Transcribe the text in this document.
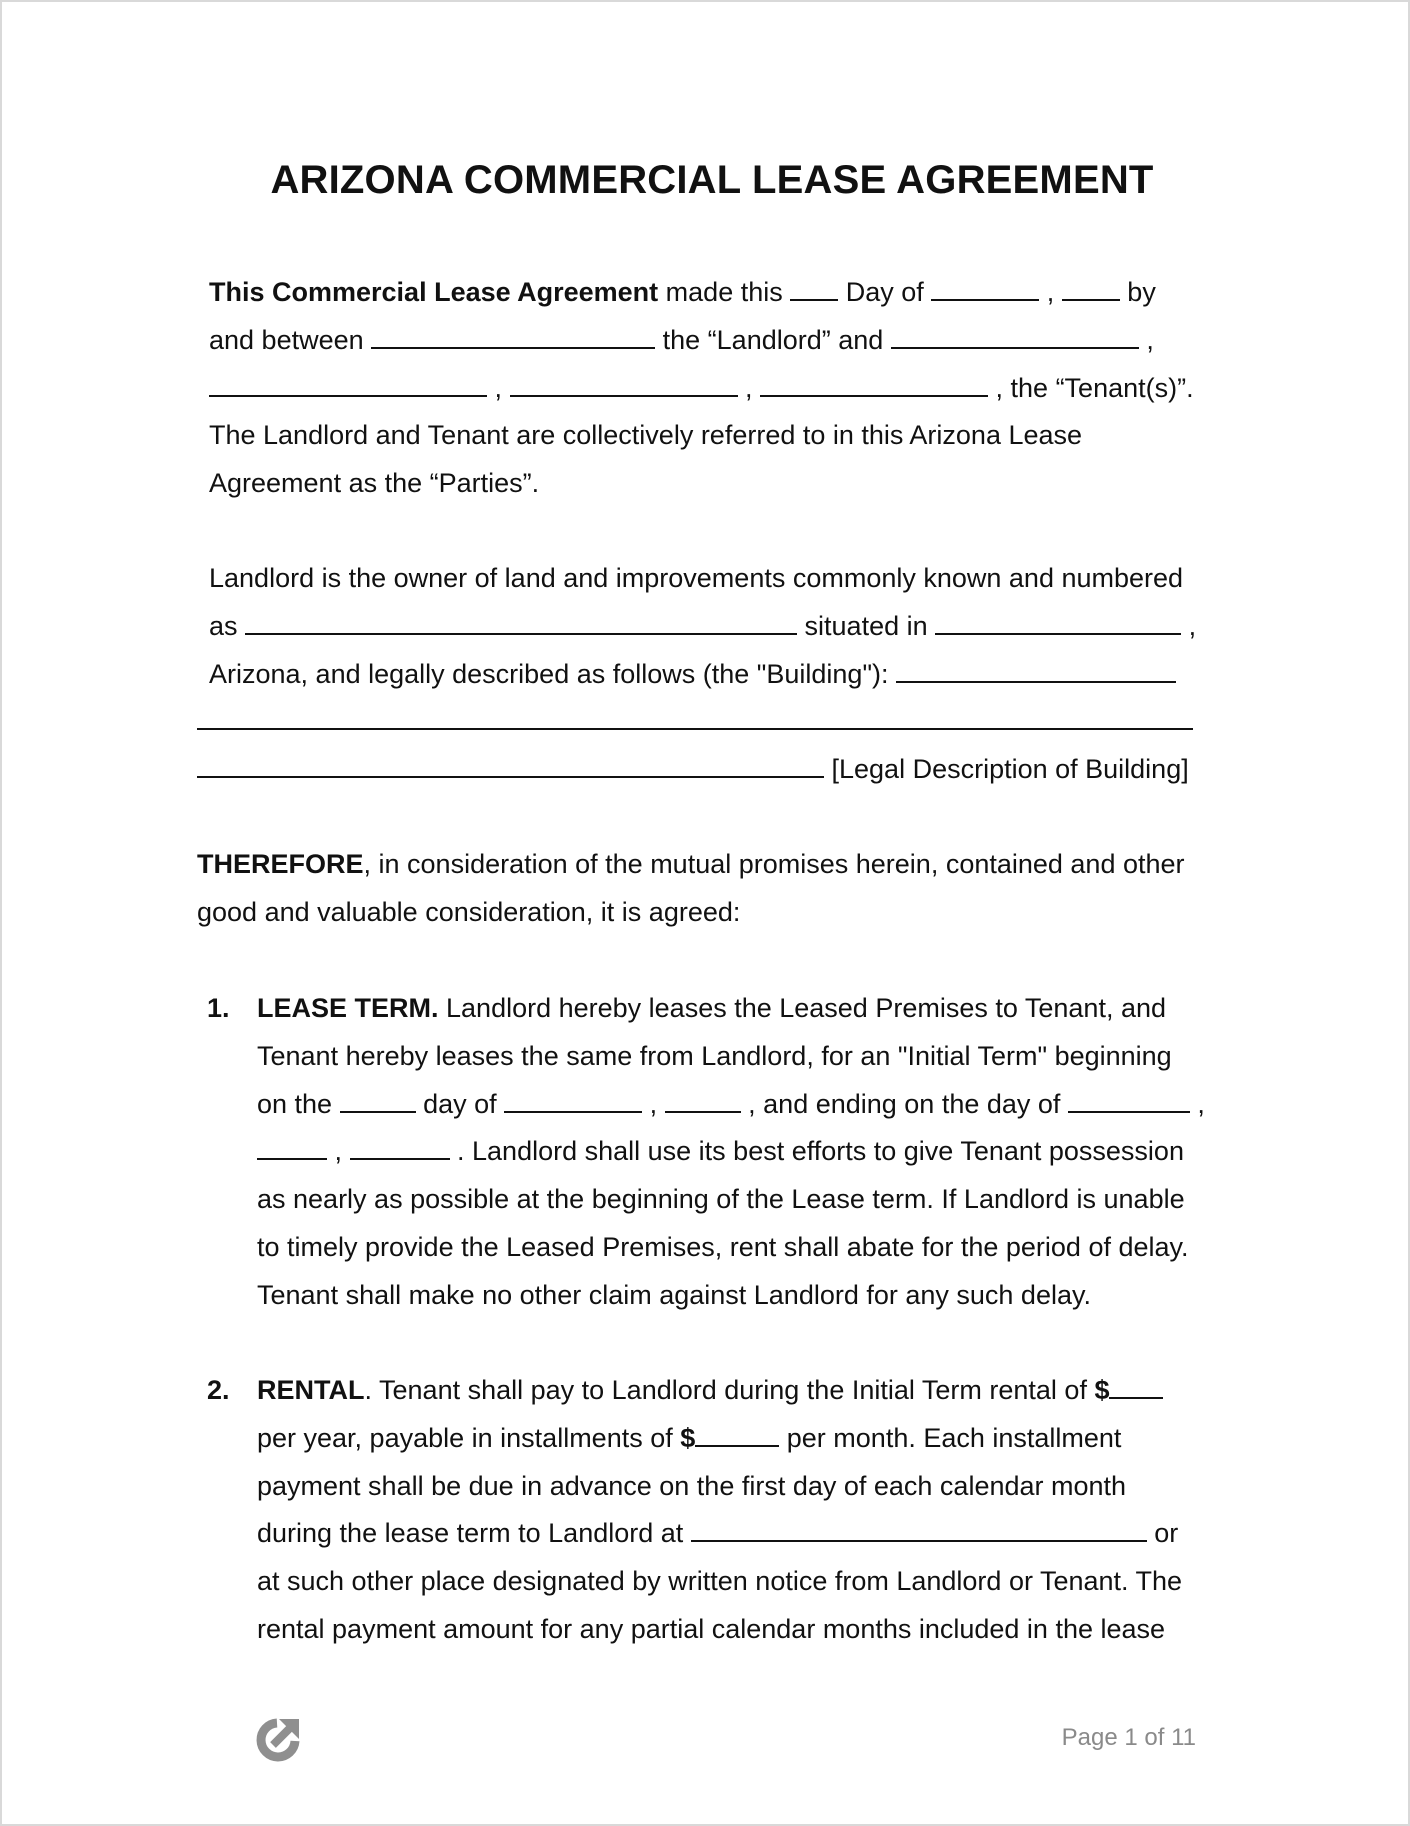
ARIZONA COMMERCIAL LEASE AGREEMENT
This Commercial Lease Agreement made this  Day of	,  by
and between	the “Landlord” and	,
,	,	, the “Tenant(s)”.
The Landlord and Tenant are collectively referred to in this Arizona Lease
Agreement as the “Parties”.
Landlord is the owner of land and improvements commonly known and numbered
as	situated in	,
Arizona, and legally described as follows (the "Building"):
[Legal Description of Building]
THEREFORE, in consideration of the mutual promises herein, contained and other
good and valuable consideration, it is agreed:
1. LEASE TERM. Landlord hereby leases the Leased Premises to Tenant, and
Tenant hereby leases the same from Landlord, for an "Initial Term" beginning
on the	day of	,	, and ending on the day of	,
,	. Landlord shall use its best efforts to give Tenant possession
as nearly as possible at the beginning of the Lease term. If Landlord is unable
to timely provide the Leased Premises, rent shall abate for the period of delay.
Tenant shall make no other claim against Landlord for any such delay.
2. RENTAL. Tenant shall pay to Landlord during the Initial Term rental of $
per year, payable in installments of $	per month. Each installment
payment shall be due in advance on the first day of each calendar month
during the lease term to Landlord at	or
at such other place designated by written notice from Landlord or Tenant. The
rental payment amount for any partial calendar months included in the lease
Page 1 of 11
